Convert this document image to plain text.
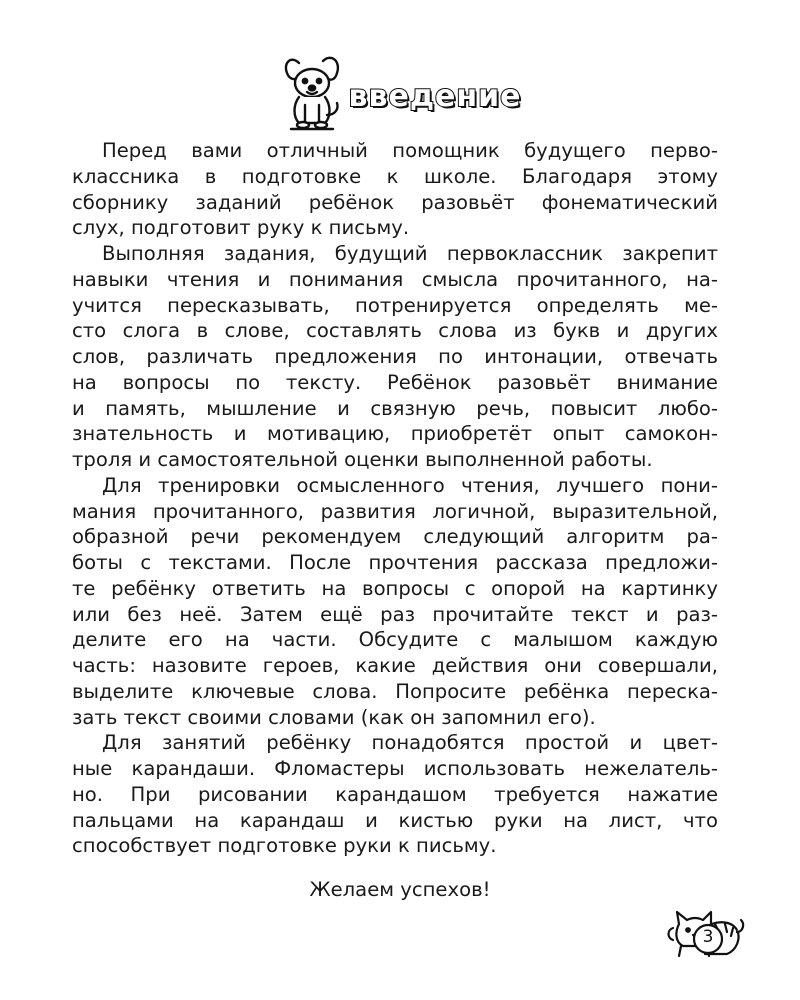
введение
Перед вами отличный помощник будущего перво-
классника в подготовке к школе. Благодаря этому
сборнику заданий ребёнок разовьёт фонематический
слух, подготовит руку к письму.
Выполняя задания, будущий первоклассник закрепит
навыки чтения и понимания смысла прочитанного, на-
учится пересказывать, потренируется определять ме-
сто слога в слове, составлять слова из букв и других
слов, различать предложения по интонации, отвечать
на вопросы по тексту. Ребёнок разовьёт внимание
и память, мышление и связную речь, повысит любо-
знательность и мотивацию, приобретёт опыт самокон-
троля и самостоятельной оценки выполненной работы.
Для тренировки осмысленного чтения, лучшего пони-
мания прочитанного, развития логичной, выразительной,
образной речи рекомендуем следующий алгоритм ра-
боты с текстами. После прочтения рассказа предложи-
те ребёнку ответить на вопросы с опорой на картинку
или без неё. Затем ещё раз прочитайте текст и раз-
делите его на части. Обсудите с малышом каждую
часть: назовите героев, какие действия они совершали,
выделите ключевые слова. Попросите ребёнка переска-
зать текст своими словами (как он запомнил его).
Для занятий ребёнку понадобятся простой и цвет-
ные карандаши. Фломастеры использовать нежелатель-
но. При рисовании карандашом требуется нажатие
пальцами на карандаш и кистью руки на лист, что
способствует подготовке руки к письму.
Желаем успехов!
3
